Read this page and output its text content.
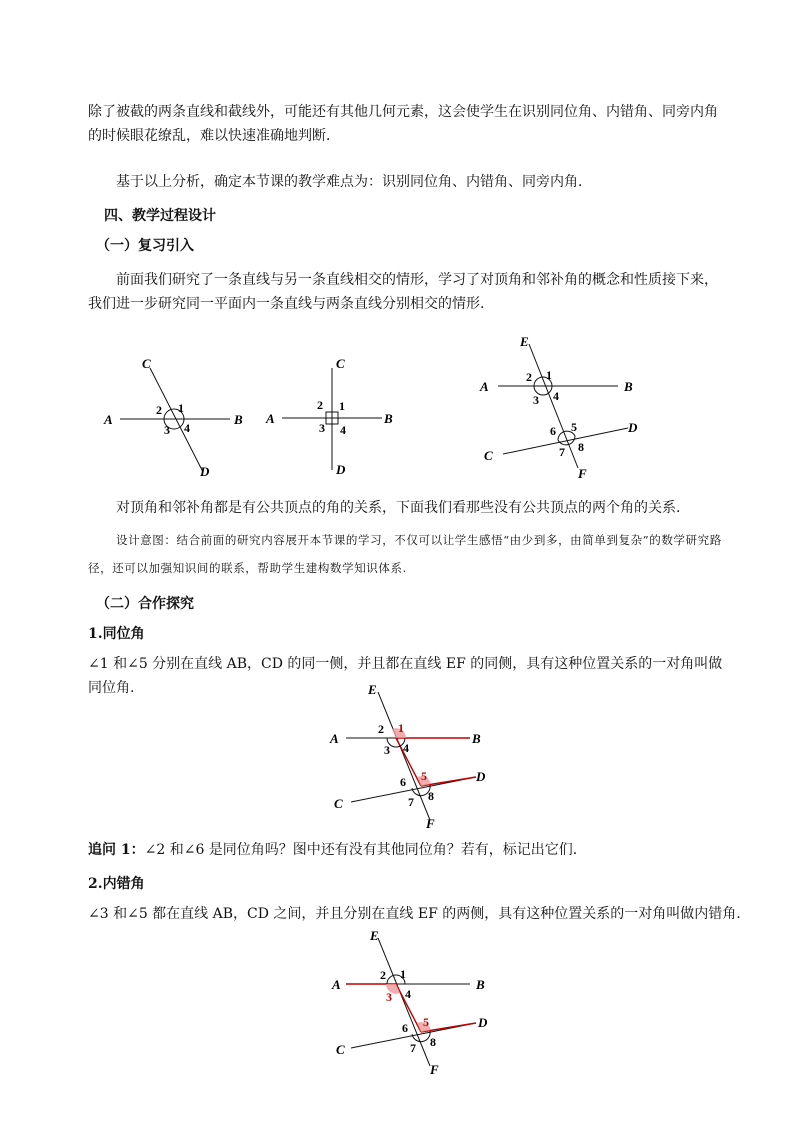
除了被截的两条直线和截线外，可能还有其他几何元素，这会使学生在识别同位角、内错角、同旁内角的时候眼花缭乱，难以快速准确地判断．
基于以上分析，确定本节课的教学难点为：识别同位角、内错角、同旁内角．
四、教学过程设计
（一）复习引入
前面我们研究了一条直线与另一条直线相交的情形，学习了对顶角和邻补角的概念和性质接下来，我们进一步研究同一平面内一条直线与两条直线分别相交的情形.
C
A	B
D
1
2
3 4
C
A	B
D
1
2
3 4
E
A	B
C
D
F
1
2
3 4
5
6
7 8
对顶角和邻补角都是有公共顶点的角的关系，下面我们看那些没有公共顶点的两个角的关系.
设计意图：结合前面的研究内容展开本节课的学习，不仅可以让学生感悟“由少到多，由简单到复杂”的数学研究路径，还可以加强知识间的联系，帮助学生建构数学知识体系.
（二）合作探究
1.同位角
∠1 和∠5 分别在直线 AB，CD 的同一侧，并且都在直线 EF 的同侧，具有这种位置关系的一对角叫做同位角.	E
A	B
C
D
F
1
2
3 4
5
6
7 8
追问 1：∠2 和∠6 是同位角吗？图中还有没有其他同位角？若有，标记出它们.
2.内错角
∠3 和∠5 都在直线 AB，CD 之间，并且分别在直线 EF 的两侧，具有这种位置关系的一对角叫做内错角.
E
A	B
C
D
F
1
2
3 4
5
6
7 8
